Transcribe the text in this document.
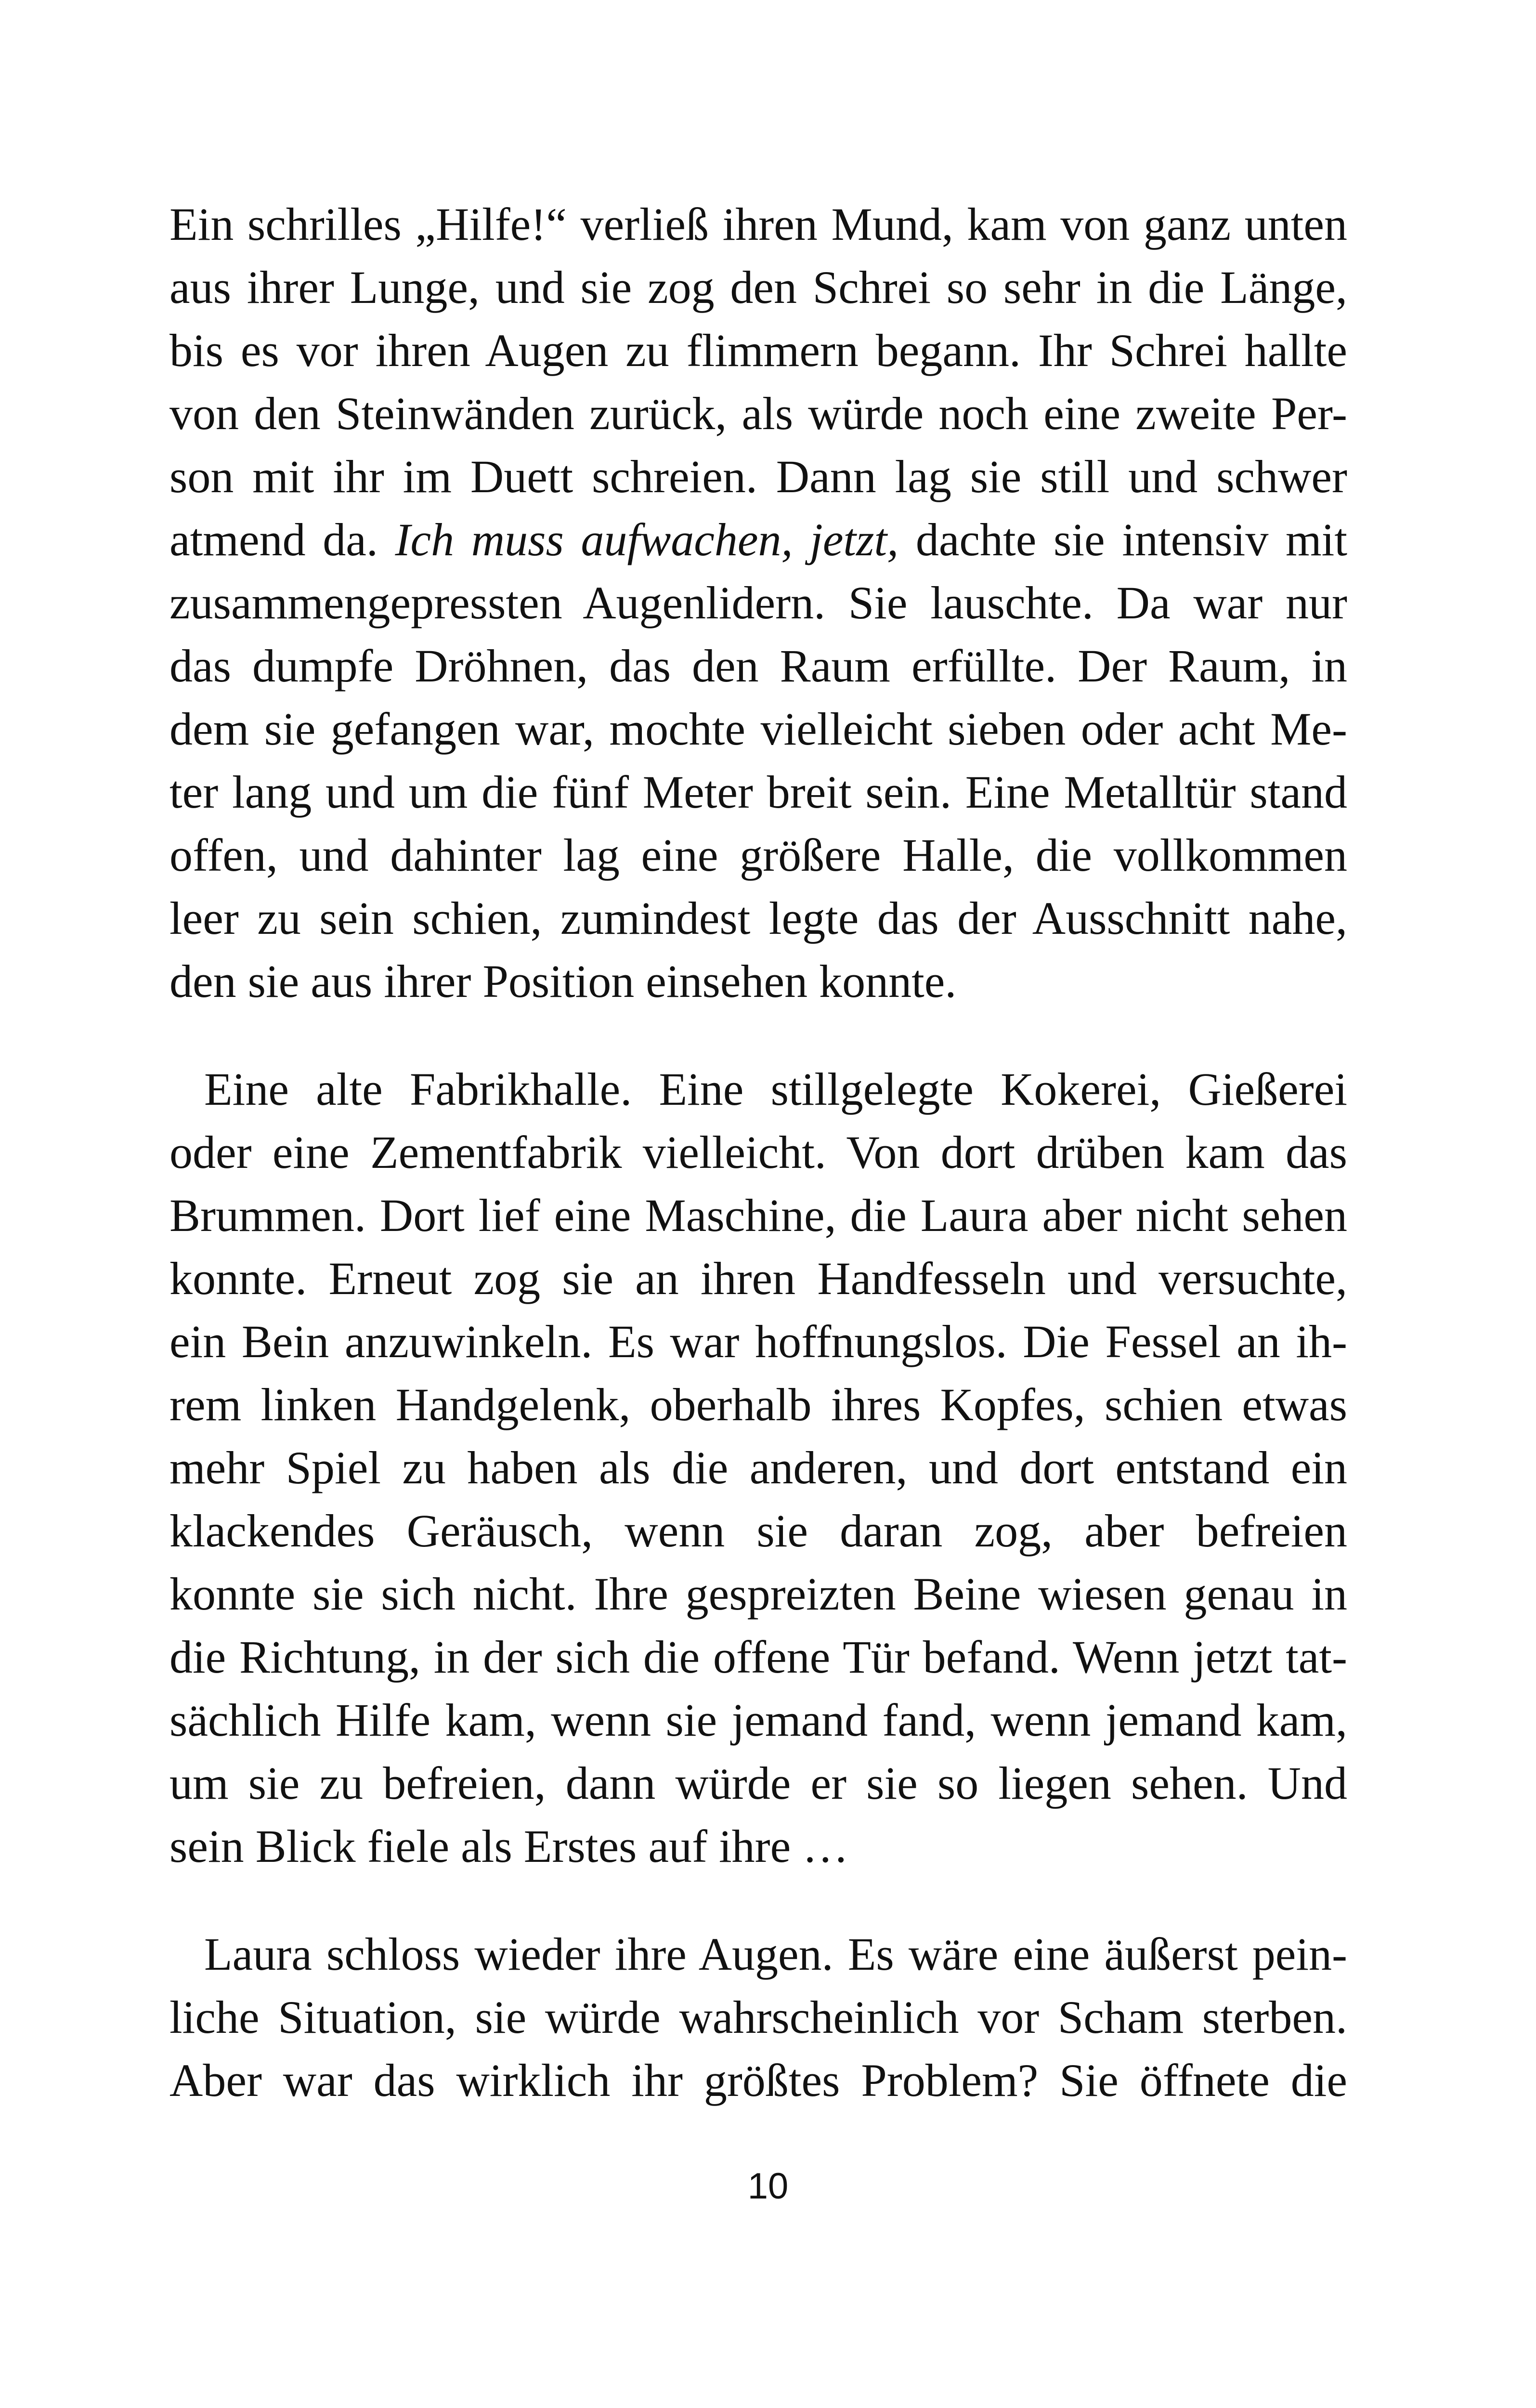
Ein schrilles „Hilfe!“ verließ ihren Mund, kam von ganz unten
aus ihrer Lunge, und sie zog den Schrei so sehr in die Länge,
bis es vor ihren Augen zu flimmern begann. Ihr Schrei hallte
von den Steinwänden zurück, als würde noch eine zweite Per-
son mit ihr im Duett schreien. Dann lag sie still und schwer
atmend da. Ich muss aufwachen, jetzt, dachte sie intensiv mit
zusammengepressten Augenlidern. Sie lauschte. Da war nur
das dumpfe Dröhnen, das den Raum erfüllte. Der Raum, in
dem sie gefangen war, mochte vielleicht sieben oder acht Me-
ter lang und um die fünf Meter breit sein. Eine Metalltür stand
offen, und dahinter lag eine größere Halle, die vollkommen
leer zu sein schien, zumindest legte das der Ausschnitt nahe,
den sie aus ihrer Position einsehen konnte.
Eine alte Fabrikhalle. Eine stillgelegte Kokerei, Gießerei
oder eine Zementfabrik vielleicht. Von dort drüben kam das
Brummen. Dort lief eine Maschine, die Laura aber nicht sehen
konnte. Erneut zog sie an ihren Handfesseln und versuchte,
ein Bein anzuwinkeln. Es war hoffnungslos. Die Fessel an ih-
rem linken Handgelenk, oberhalb ihres Kopfes, schien etwas
mehr Spiel zu haben als die anderen, und dort entstand ein
klackendes Geräusch, wenn sie daran zog, aber befreien
konnte sie sich nicht. Ihre gespreizten Beine wiesen genau in
die Richtung, in der sich die offene Tür befand. Wenn jetzt tat-
sächlich Hilfe kam, wenn sie jemand fand, wenn jemand kam,
um sie zu befreien, dann würde er sie so liegen sehen. Und
sein Blick fiele als Erstes auf ihre …
Laura schloss wieder ihre Augen. Es wäre eine äußerst pein-
liche Situation, sie würde wahrscheinlich vor Scham sterben.
Aber war das wirklich ihr größtes Problem? Sie öffnete die
10
